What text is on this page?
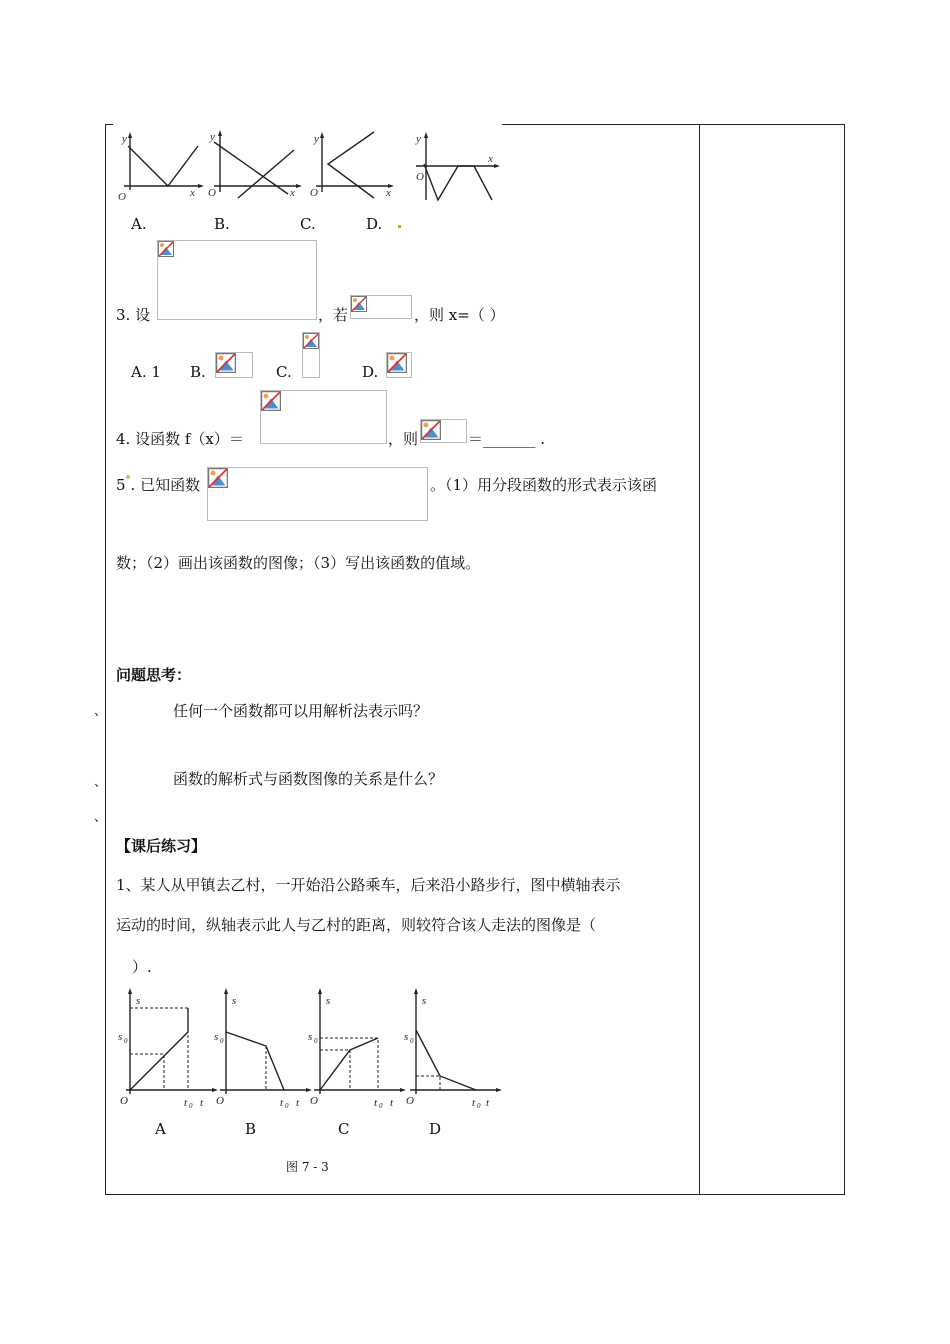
y
x
O
y
x
O
y
x
O
y
x
O
A.	B.	C.	D.
3. 设	，若	，则 x=（ ）
A. 1 B.	C.	D.
4. 设函数 f（x）＝	，则	＝_______ .
5*. 已知函数	。（1）用分段函数的形式表示该函
数；（2）画出该函数的图像；（3）写出该函数的值域。
问题思考：
、	任何一个函数都可以用解析法表示吗？
、	函数的解析式与函数图像的关系是什么？
、
【课后练习】
1、某人从甲镇去乙村，一开始沿公路乘车，后来沿小路步行，图中横轴表示
运动的时间，纵轴表示此人与乙村的距离，则较符合该人走法的图像是（
）.
s
s 0
O	t 0 t
s
s 0
O	t 0 t
s
s 0
O	t 0 t
s
s 0
O	t 0 t
A	B	C	D
图 7 - 3
